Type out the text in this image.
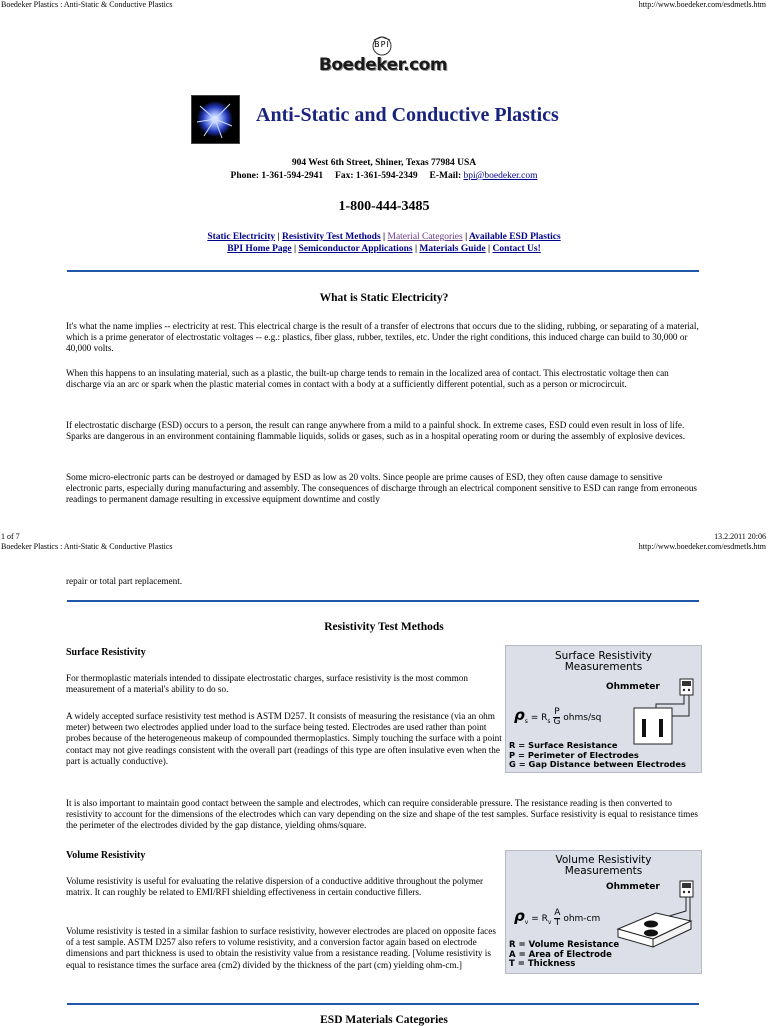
Boedeker Plastics : Anti-Static & Conductive Plastics	http://www.boedeker.com/esdmetls.htm
BPI
Boedeker.com
Anti-Static and Conductive Plastics
904 West 6th Street, Shiner, Texas 77984 USA
Phone: 1-361-594-2941 Fax: 1-361-594-2349 E-Mail: bpi@boedeker.com
1-800-444-3485
Static Electricity | Resistivity Test Methods | Material Categories | Available ESD Plastics
BPI Home Page | Semiconductor Applications | Materials Guide | Contact Us!
What is Static Electricity?

It's what the name implies -- electricity at rest. This electrical charge is the result of a transfer of electrons that occurs due to the sliding, rubbing, or separating of a material, which is a prime generator of electrostatic voltages -- e.g.: plastics, fiber glass, rubber, textiles, etc. Under the right conditions, this induced charge can build to 30,000 or 40,000 volts.

When this happens to an insulating material, such as a plastic, the built-up charge tends to remain in the localized area of contact. This electrostatic voltage then can discharge via an arc or spark when the plastic material comes in contact with a body at a sufficiently different potential, such as a person or microcircuit.

If electrostatic discharge (ESD) occurs to a person, the result can range anywhere from a mild to a painful shock. In extreme cases, ESD could even result in loss of life. Sparks are dangerous in an environment containing flammable liquids, solids or gases, such as in a hospital operating room or during the assembly of explosive devices.

Some micro-electronic parts can be destroyed or damaged by ESD as low as 20 volts. Since people are prime causes of ESD, they often cause damage to sensitive electronic parts, especially during manufacturing and assembly. The consequences of discharge through an electrical component sensitive to ESD can range from erroneous readings to permanent damage resulting in excessive equipment downtime and costly

1 of 7	13.2.2011 20:06
Boedeker Plastics : Anti-Static & Conductive Plastics	http://www.boedeker.com/esdmetls.htm

repair or total part replacement.

Resistivity Test Methods
Surface Resistivity

For thermoplastic materials intended to dissipate electrostatic charges, surface resistivity is the most common measurement of a material's ability to do so.

A widely accepted surface resistivity test method is ASTM D257. It consists of measuring the resistance (via an ohm meter) between two electrodes applied under load to the surface being tested. Electrodes are used rather than point probes because of the heterogeneous makeup of compounded thermoplastics. Simply touching the surface with a point contact may not give readings consistent with the overall part (readings of this type are often insulative even when the part is actually conductive).

It is also important to maintain good contact between the sample and electrodes, which can require considerable pressure. The resistance reading is then converted to resistivity to account for the dimensions of the electrodes which can vary depending on the size and shape of the test samples. Surface resistivity is equal to resistance times the perimeter of the electrodes divided by the gap distance, yielding ohms/square.

Surface Resistivity
Measurements
Ohmmeter
$\rho_s = R_s \frac{P}{G}$ ohms/sq
R = Surface Resistance
P = Perimeter of Electrodes
G = Gap Distance between Electrodes
Volume Resistivity

Volume resistivity is useful for evaluating the relative dispersion of a conductive additive throughout the polymer matrix. It can roughly be related to EMI/RFI shielding effectiveness in certain conductive fillers.

Volume resistivity is tested in a similar fashion to surface resistivity, however electrodes are placed on opposite faces of a test sample. ASTM D257 also refers to volume resistivity, and a conversion factor again based on electrode dimensions and part thickness is used to obtain the resistivity value from a resistance reading. [Volume resistivity is equal to resistance times the surface area (cm2) divided by the thickness of the part (cm) yielding ohm-cm.]

Volume Resistivity
Measurements
Ohmmeter
$\rho_v = R_v \frac{A}{T} ohm-cm$
R = Volume Resistance
A = Area of Electrode
T = Thickness
ESD Materials Categories
